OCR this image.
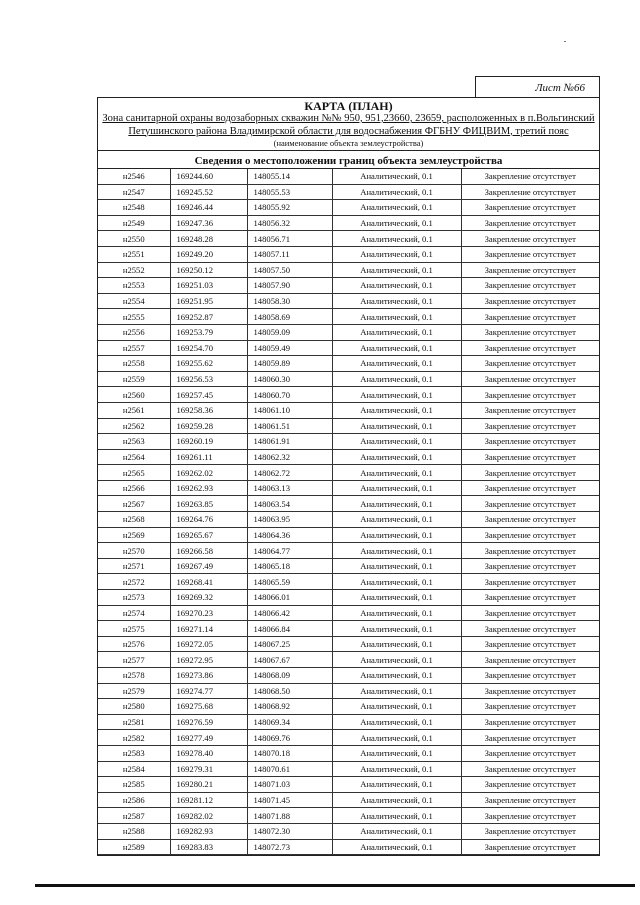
Лист №66
КАРТА (ПЛАН)
Зона санитарной охраны водозаборных скважин №№ 950, 951,23660, 23659, расположенных в п.Вольгинский Петушинского района Владимирской области для водоснабжения ФГБНУ ФИЦВИМ, третий пояс
(наименование объекта землеустройства)
Сведения о местоположении границ объекта землеустройства
н2546	169244.60	148055.14	Аналитический, 0.1	Закрепление отсутствует
н2547	169245.52	148055.53	Аналитический, 0.1	Закрепление отсутствует
н2548	169246.44	148055.92	Аналитический, 0.1	Закрепление отсутствует
н2549	169247.36	148056.32	Аналитический, 0.1	Закрепление отсутствует
н2550	169248.28	148056.71	Аналитический, 0.1	Закрепление отсутствует
н2551	169249.20	148057.11	Аналитический, 0.1	Закрепление отсутствует
н2552	169250.12	148057.50	Аналитический, 0.1	Закрепление отсутствует
н2553	169251.03	148057.90	Аналитический, 0.1	Закрепление отсутствует
н2554	169251.95	148058.30	Аналитический, 0.1	Закрепление отсутствует
н2555	169252.87	148058.69	Аналитический, 0.1	Закрепление отсутствует
н2556	169253.79	148059.09	Аналитический, 0.1	Закрепление отсутствует
н2557	169254.70	148059.49	Аналитический, 0.1	Закрепление отсутствует
н2558	169255.62	148059.89	Аналитический, 0.1	Закрепление отсутствует
н2559	169256.53	148060.30	Аналитический, 0.1	Закрепление отсутствует
н2560	169257.45	148060.70	Аналитический, 0.1	Закрепление отсутствует
н2561	169258.36	148061.10	Аналитический, 0.1	Закрепление отсутствует
н2562	169259.28	148061.51	Аналитический, 0.1	Закрепление отсутствует
н2563	169260.19	148061.91	Аналитический, 0.1	Закрепление отсутствует
н2564	169261.11	148062.32	Аналитический, 0.1	Закрепление отсутствует
н2565	169262.02	148062.72	Аналитический, 0.1	Закрепление отсутствует
н2566	169262.93	148063.13	Аналитический, 0.1	Закрепление отсутствует
н2567	169263.85	148063.54	Аналитический, 0.1	Закрепление отсутствует
н2568	169264.76	148063.95	Аналитический, 0.1	Закрепление отсутствует
н2569	169265.67	148064.36	Аналитический, 0.1	Закрепление отсутствует
н2570	169266.58	148064.77	Аналитический, 0.1	Закрепление отсутствует
н2571	169267.49	148065.18	Аналитический, 0.1	Закрепление отсутствует
н2572	169268.41	148065.59	Аналитический, 0.1	Закрепление отсутствует
н2573	169269.32	148066.01	Аналитический, 0.1	Закрепление отсутствует
н2574	169270.23	148066.42	Аналитический, 0.1	Закрепление отсутствует
н2575	169271.14	148066.84	Аналитический, 0.1	Закрепление отсутствует
н2576	169272.05	148067.25	Аналитический, 0.1	Закрепление отсутствует
н2577	169272.95	148067.67	Аналитический, 0.1	Закрепление отсутствует
н2578	169273.86	148068.09	Аналитический, 0.1	Закрепление отсутствует
н2579	169274.77	148068.50	Аналитический, 0.1	Закрепление отсутствует
н2580	169275.68	148068.92	Аналитический, 0.1	Закрепление отсутствует
н2581	169276.59	148069.34	Аналитический, 0.1	Закрепление отсутствует
н2582	169277.49	148069.76	Аналитический, 0.1	Закрепление отсутствует
н2583	169278.40	148070.18	Аналитический, 0.1	Закрепление отсутствует
н2584	169279.31	148070.61	Аналитический, 0.1	Закрепление отсутствует
н2585	169280.21	148071.03	Аналитический, 0.1	Закрепление отсутствует
н2586	169281.12	148071.45	Аналитический, 0.1	Закрепление отсутствует
н2587	169282.02	148071.88	Аналитический, 0.1	Закрепление отсутствует
н2588	169282.93	148072.30	Аналитический, 0.1	Закрепление отсутствует
н2589	169283.83	148072.73	Аналитический, 0.1	Закрепление отсутствует
